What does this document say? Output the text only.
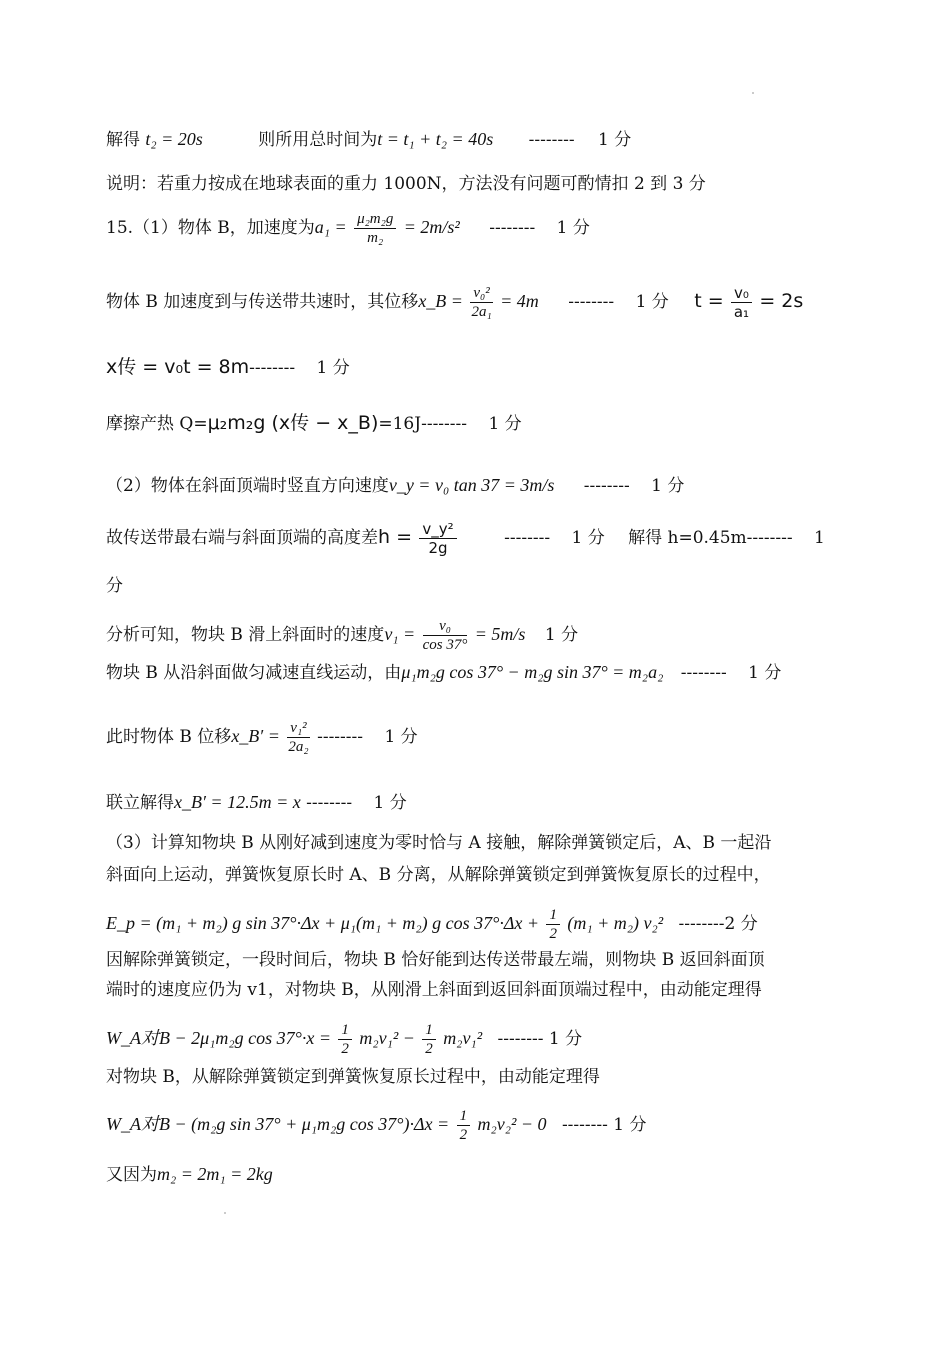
解得 t₂ = 20s	则所用总时间为t = t₁ + t₂ = 40s -------- 1 分
说明：若重力按成在地球表面的重力 1000N，方法没有问题可酌情扣 2 到 3 分
15.（1）物体 B，加速度为$a_1 = \frac{\text{μ₂m₂g}}{\text{m₂}} = 2m/s^2$ -------- 1 分
物体 B 加速度到与传送带共速时，其位移x_B = $\frac{\text{v₀²}}{\text{2a₁}} = 4m$ -------- 1 分 $t = \frac{\text{v₀}}{\text{a₁}} = 2s$
x传 = v₀t = 8m-------- 1 分
摩擦产热 Q=μ₂m₂g (x传 − x_B)=16J-------- 1 分
（2）物体在斜面顶端时竖直方向速度v_y = v₀ tan 37 = 3m/s -------- 1 分
故传送带最右端与斜面顶端的高度差$h = \frac{\text{v\_y²}}{2g}$	-------- 1 分 解得 h=0.45m-------- 1
分
分析可知，物块 B 滑上斜面时的速度$v_1 = \frac{\text{v₀}}{\cos 37^\circ} = 5m/s$ 1 分
物块 B 从沿斜面做匀减速直线运动，由μ₁m₂g cos 37° − m₂g sin 37° = m₂a₂ -------- 1 分
此时物体 B 位移x_B′ = $\frac{\text{v₁²}}{\text{2a₂}}$ -------- 1 分
联立解得x_B′ = 12.5m = x -------- 1 分
（3）计算知物块 B 从刚好减到速度为零时恰与 A 接触，解除弹簧锁定后，A、B 一起沿
斜面向上运动，弹簧恢复原长时 A、B 分离，从解除弹簧锁定到弹簧恢复原长的过程中，
E_p = (m₁ + m₂) g sin 37°·Δx + μ₁(m₁ + m₂) g $\cos 37^\circ\cdot\Delta x + \frac{1}{2} (m_1 + m_2)$ v₂² --------2 分
因解除弹簧锁定，一段时间后，物块 B 恰好能到达传送带最左端，则物块 B 返回斜面顶
端时的速度应仍为 v1，对物块 B，从刚滑上斜面到返回斜面顶端过程中，由动能定理得
W_A对B − 2μ₁m₂g $\cos 37^\circ\cdot x = \frac{1}{2} m_2v_1^2 - \frac{1}{2} m_2v_1^2$ -------- 1 分
对物块 B，从解除弹簧锁定到弹簧恢复原长过程中，由动能定理得
W_A对B − (m₂g sin 37° + μ₁m₂g $\cos 37^\circ)\cdot\Delta x = \frac{1}{2} m_2v_2^2 - 0$ -------- 1 分
又因为m₂ = 2m₁ = 2kg
